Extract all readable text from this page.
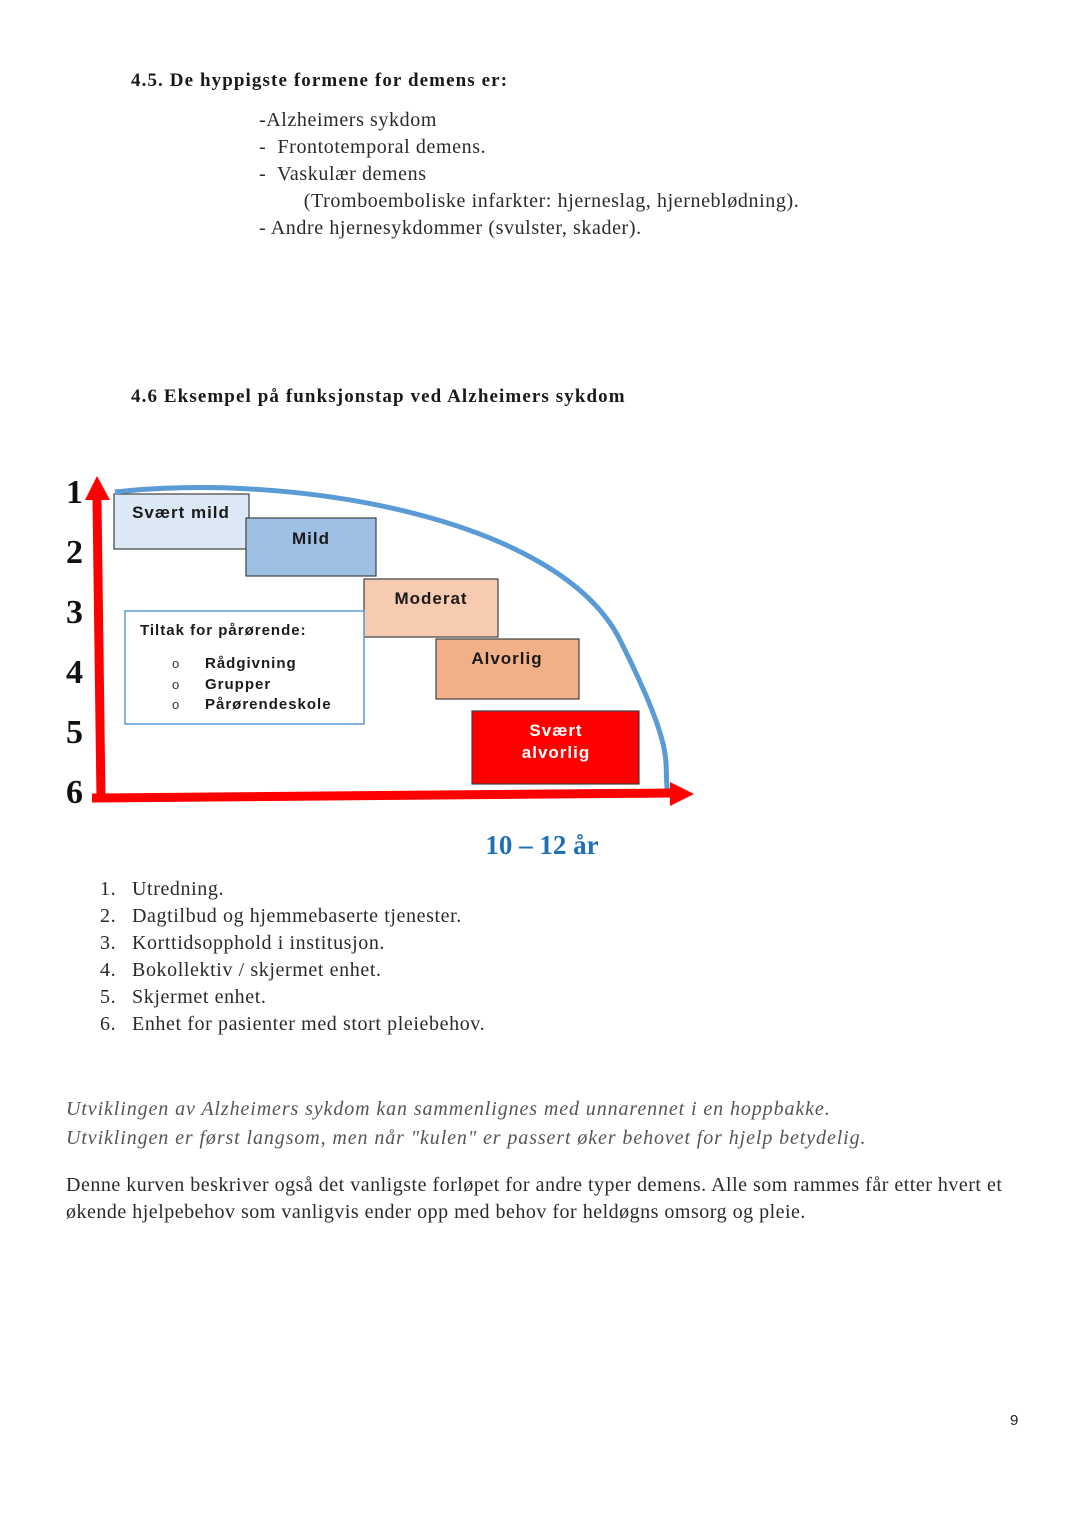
4.5. De hyppigste formene for demens er:
-Alzheimers sykdom
-  Frontotemporal demens.
-  Vaskulær demens
(Tromboemboliske infarkter: hjerneslag, hjerneblødning).
- Andre hjernesykdommer (svulster, skader).
4.6 Eksempel på funksjonstap ved Alzheimers sykdom
1
2
3
4
5
6
Svært mild
Mild
Moderat
Alvorlig
Svært
alvorlig
Tiltak for pårørende:
o Rådgivning
o Grupper
o Pårørendeskole
10 – 12 år
1. Utredning.
2. Dagtilbud og hjemmebaserte tjenester.
3. Korttidsopphold i institusjon.
4. Bokollektiv / skjermet enhet.
5. Skjermet enhet.
6. Enhet for pasienter med stort pleiebehov.
Utviklingen av Alzheimers sykdom kan sammenlignes med unnarennet i en hoppbakke.
Utviklingen er først langsom, men når "kulen" er passert øker behovet for hjelp betydelig.
Denne kurven beskriver også det vanligste forløpet for andre typer demens. Alle som rammes får etter hvert et økende hjelpebehov som vanligvis ender opp med behov for heldøgns omsorg og pleie.
9
